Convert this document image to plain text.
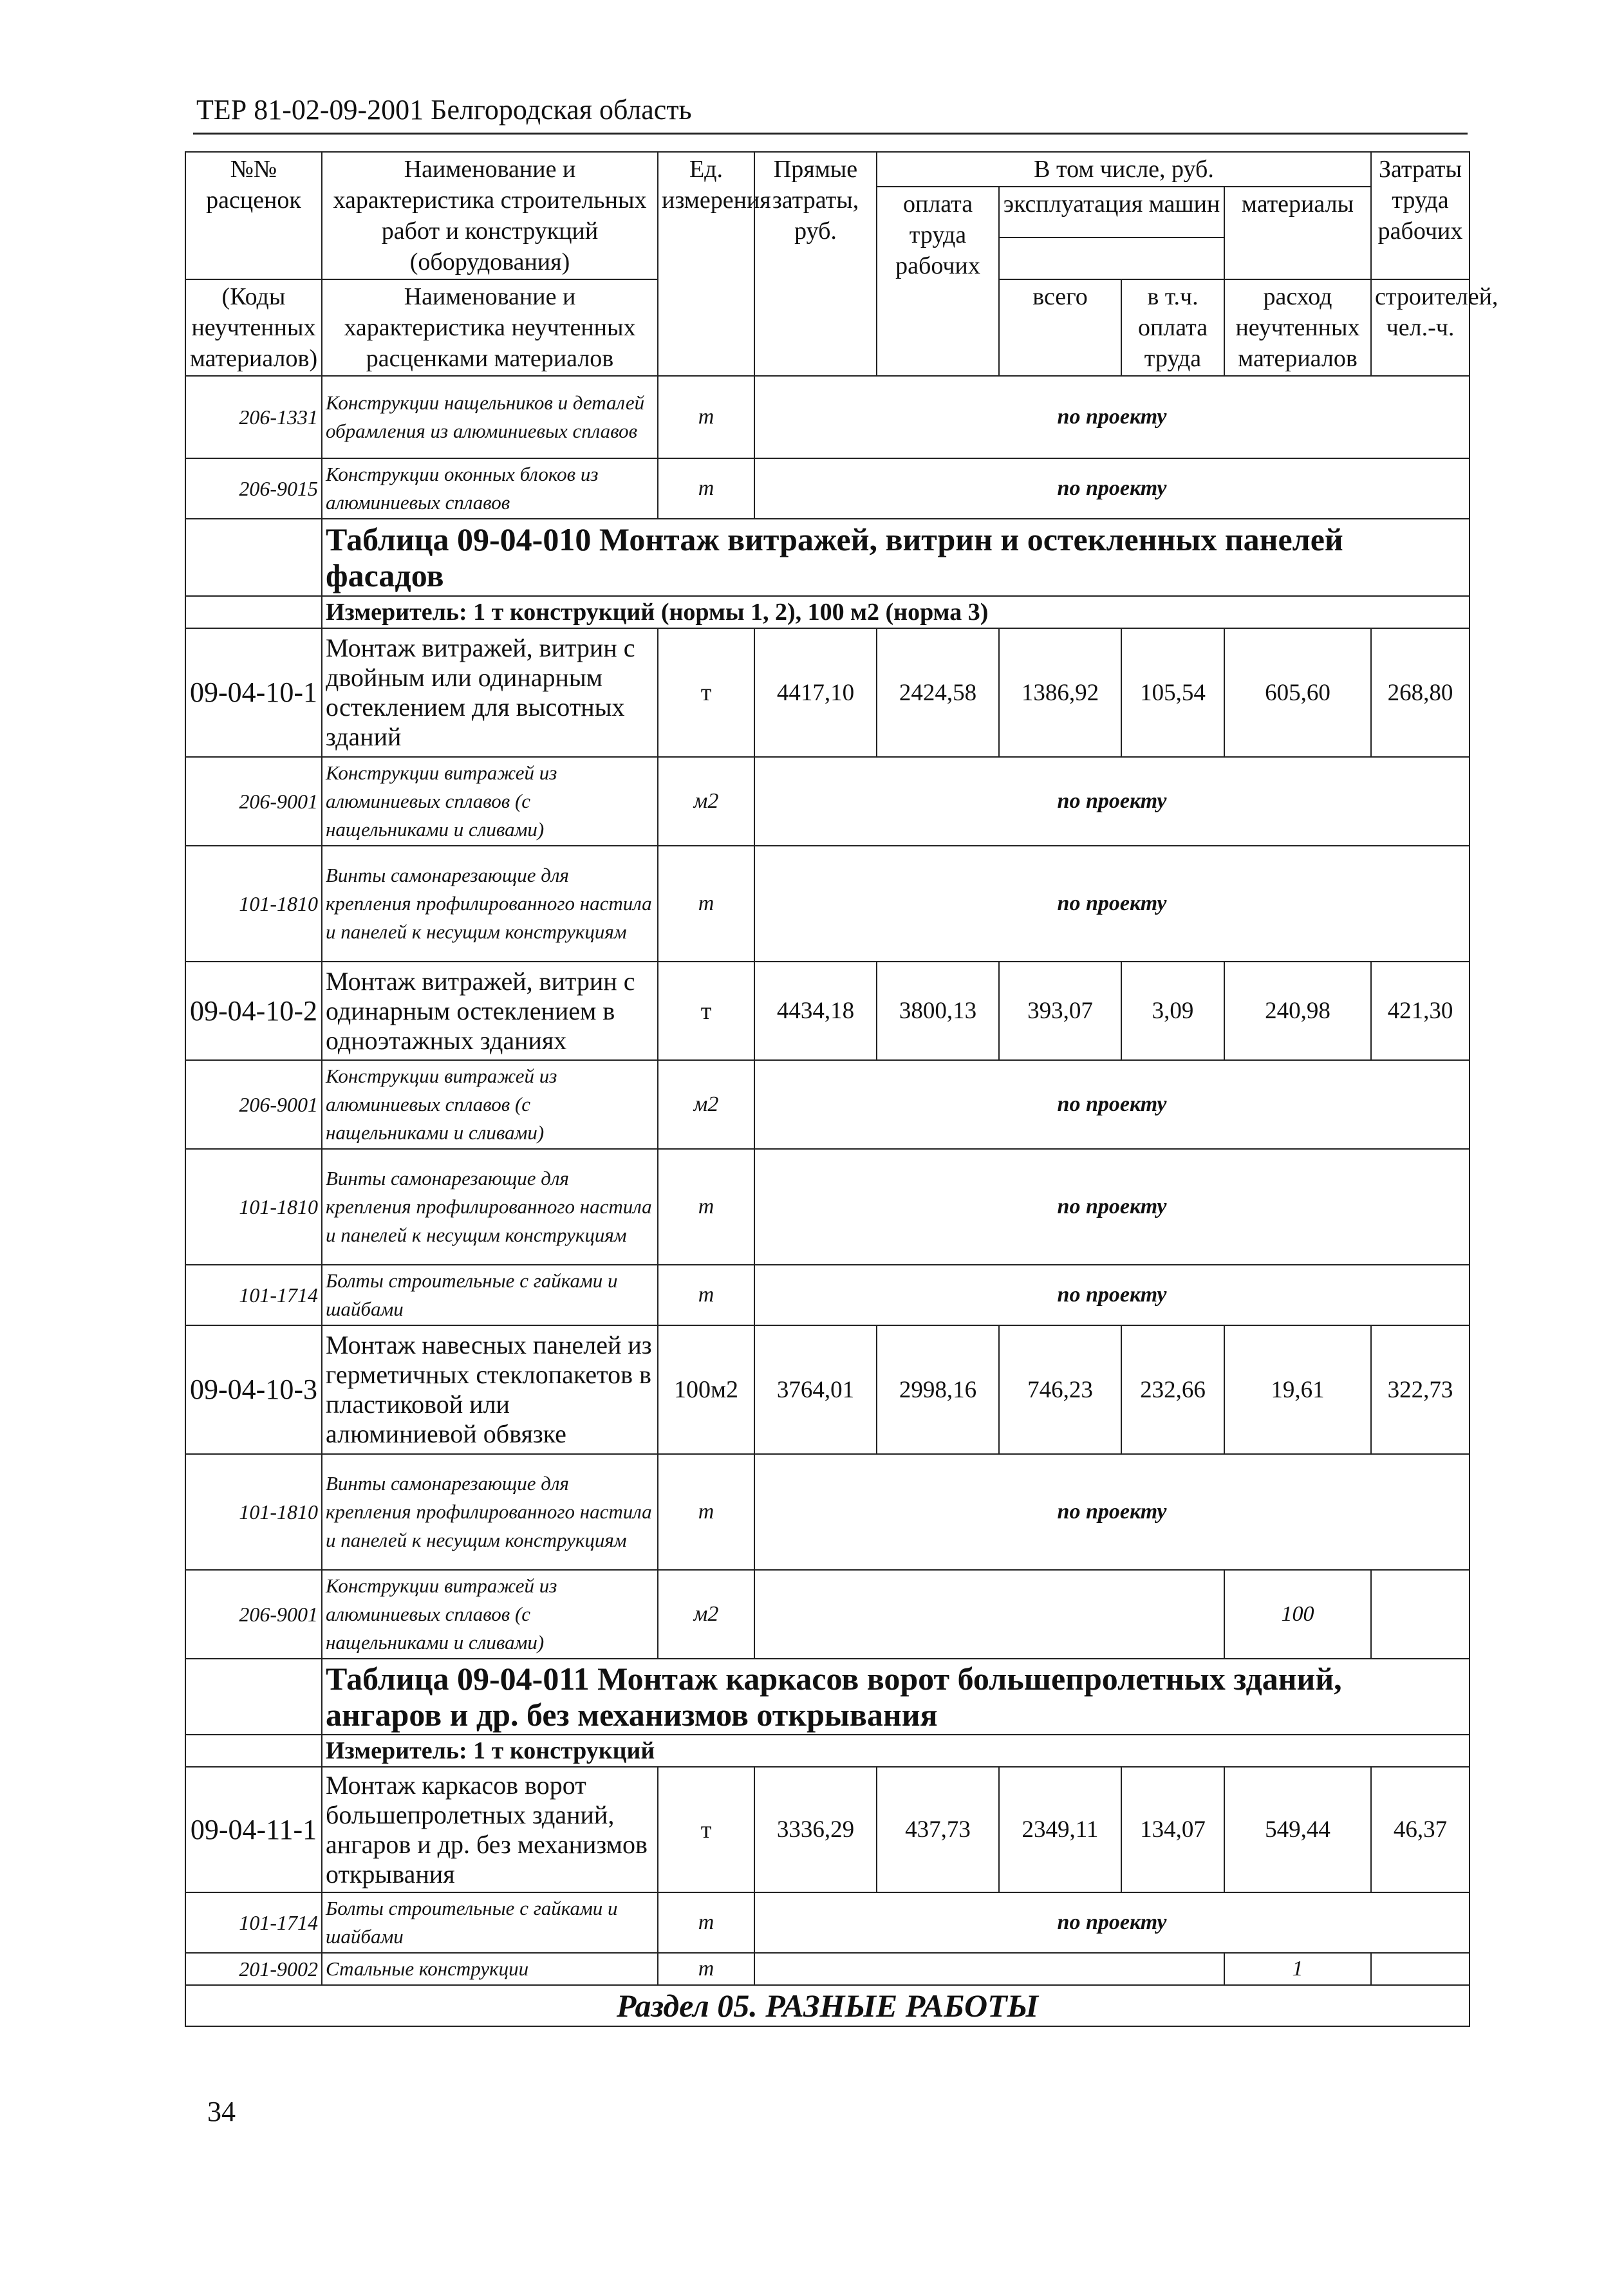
ТЕР 81-02-09-2001 Белгородская область
№№ расценок	Наименование и характеристика строительных работ и конструкций (оборудования)	Ед. измерения	Прямые затраты, руб.	В том числе, руб.				Затраты труда рабочих
				оплата труда рабочих	эксплуатация машин		материалы	

(Коды неучтенных материалов)	Наименование и характеристика неучтенных расценками материалов				всего	в т.ч. оплата труда	расход неучтенных материалов	строителей, чел.-ч.

206-1331	Конструкции нащельников и деталей обрамления из алюминиевых сплавов	т	по проекту					
206-9015	Конструкции оконных блоков из алюминиевых сплавов	т	по проекту					
	Таблица 09-04-010 Монтаж витражей, витрин и остекленных панелей фасадов							
	Измеритель: 1 т конструкций (нормы 1, 2), 100 м2 (норма 3)							
09-04-10-1	Монтаж витражей, витрин с двойным или одинарным остеклением для высотных зданий	т	4417,10	2424,58	1386,92	105,54	605,60	268,80
206-9001	Конструкции витражей из алюминиевых сплавов (с нащельниками и сливами)	м2	по проекту					
101-1810	Винты самонарезающие для крепления профилированного настила и панелей к несущим конструкциям	т	по проекту					
09-04-10-2	Монтаж витражей, витрин с одинарным остеклением в одноэтажных зданиях	т	4434,18	3800,13	393,07	3,09	240,98	421,30
206-9001	Конструкции витражей из алюминиевых сплавов (с нащельниками и сливами)	м2	по проекту					
101-1810	Винты самонарезающие для крепления профилированного настила и панелей к несущим конструкциям	т	по проекту					
101-1714	Болты строительные с гайками и шайбами	т	по проекту					
09-04-10-3	Монтаж навесных панелей из герметичных стеклопакетов в пластиковой или алюминиевой обвязке	100м2	3764,01	2998,16	746,23	232,66	19,61	322,73
101-1810	Винты самонарезающие для крепления профилированного настила и панелей к несущим конструкциям	т	по проекту					
206-9001	Конструкции витражей из алюминиевых сплавов (с нащельниками и сливами)	м2					100	
	Таблица 09-04-011 Монтаж каркасов ворот большепролетных зданий, ангаров и др. без механизмов открывания							
	Измеритель: 1 т конструкций							
09-04-11-1	Монтаж каркасов ворот большепролетных зданий, ангаров и др. без механизмов открывания	т	3336,29	437,73	2349,11	134,07	549,44	46,37
101-1714	Болты строительные с гайками и шайбами	т	по проекту					
201-9002	Стальные конструкции	т					1	
Раздел 05. РАЗНЫЕ РАБОТЫ								
34
